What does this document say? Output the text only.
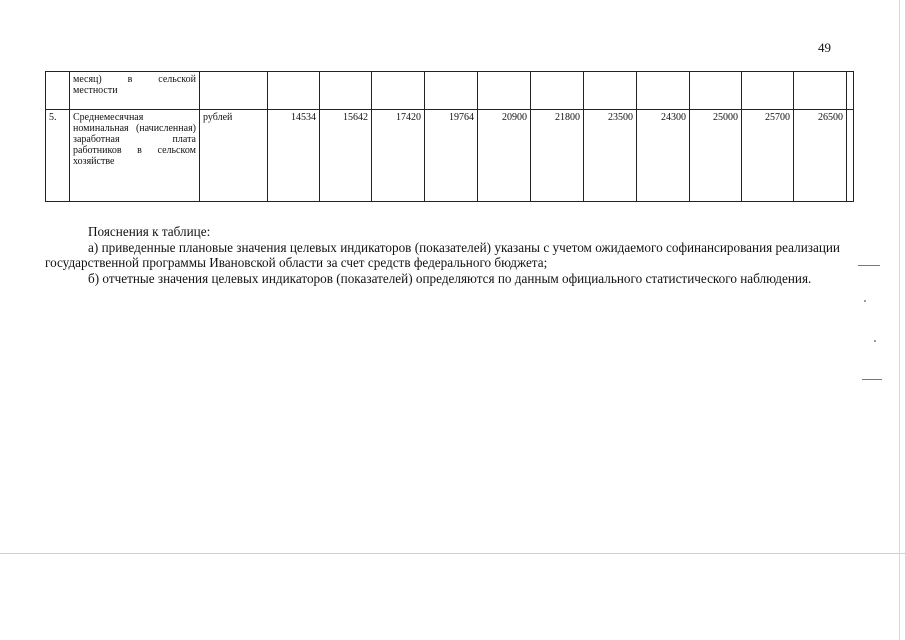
49
	месяц) в сельской местности													
5.	Среднемесячная номинальная (начисленная) заработная плата работников в сельском хозяйстве	рублей	14534	15642	17420	19764	20900	21800	23500	24300	25000	25700	26500	

Пояснения к таблице:

а) приведенные плановые значения целевых индикаторов (показателей) указаны с учетом ожидаемого софинансирования реализации государственной программы Ивановской области за счет средств федерального бюджета;

б) отчетные значения целевых индикаторов (показателей) определяются по данным официального статистического наблюдения.
